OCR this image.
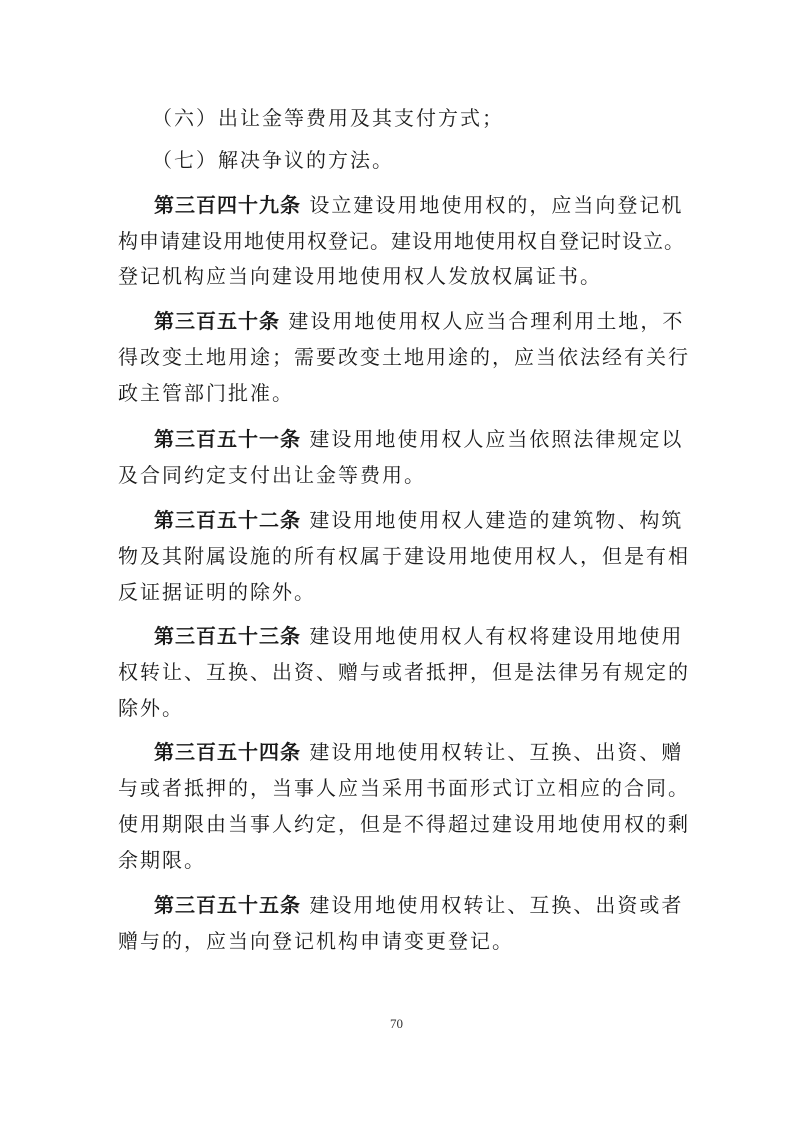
（六）出让金等费用及其支付方式；
（七）解决争议的方法。
第三百四十九条 设立建设用地使用权的，应当向登记机
构申请建设用地使用权登记。建设用地使用权自登记时设立。
登记机构应当向建设用地使用权人发放权属证书。
第三百五十条 建设用地使用权人应当合理利用土地，不
得改变土地用途；需要改变土地用途的，应当依法经有关行
政主管部门批准。
第三百五十一条 建设用地使用权人应当依照法律规定以
及合同约定支付出让金等费用。
第三百五十二条 建设用地使用权人建造的建筑物、构筑
物及其附属设施的所有权属于建设用地使用权人，但是有相
反证据证明的除外。
第三百五十三条 建设用地使用权人有权将建设用地使用
权转让、互换、出资、赠与或者抵押，但是法律另有规定的
除外。
第三百五十四条 建设用地使用权转让、互换、出资、赠
与或者抵押的，当事人应当采用书面形式订立相应的合同。
使用期限由当事人约定，但是不得超过建设用地使用权的剩
余期限。
第三百五十五条 建设用地使用权转让、互换、出资或者
赠与的，应当向登记机构申请变更登记。
70
